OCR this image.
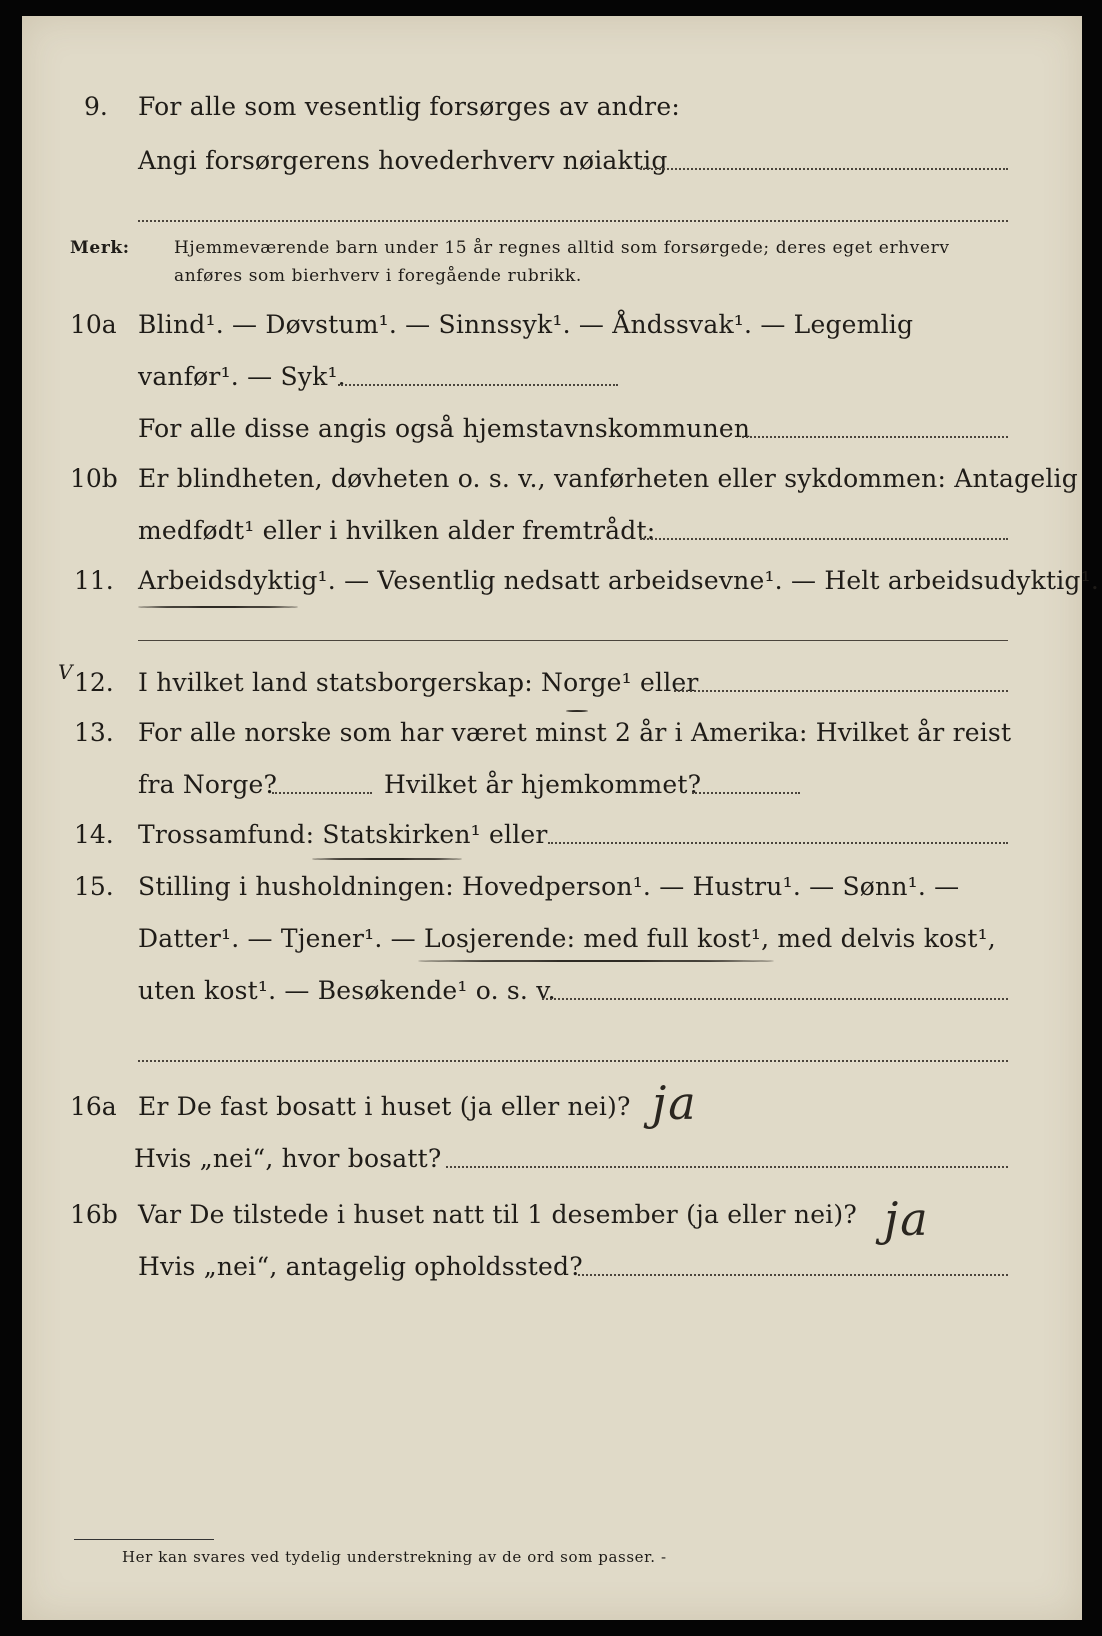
9. For alle som vesentlig forsørges av andre:
Angi forsørgerens hovederhverv nøiaktig
Merk:	Hjemmeværende barn under 15 år regnes alltid som forsørgede; deres eget erhverv
anføres som bierhverv i foregående rubrikk.
10a Blind¹. — Døvstum¹. — Sinnssyk¹. — Åndssvak¹. — Legemlig
vanfør¹. — Syk¹.
For alle disse angis også hjemstavnskommunen
10b Er blindheten, døvheten o. s. v., vanførheten eller sykdommen: Antagelig
medfødt¹ eller i hvilken alder fremtrådt:
11. Arbeidsdyktig¹. — Vesentlig nedsatt arbeidsevne¹. — Helt arbeidsudyktig¹.
V 12. I hvilket land statsborgerskap: Norge¹ eller
13. For alle norske som har været minst 2 år i Amerika: Hvilket år reist
fra Norge?	Hvilket år hjemkommet?
14. Trossamfund: Statskirken¹ eller
15. Stilling i husholdningen: Hovedperson¹. — Hustru¹. — Sønn¹. —
Datter¹. — Tjener¹. — Losjerende: med full kost¹, med delvis kost¹,
uten kost¹. — Besøkende¹ o. s. v.
16a Er De fast bosatt i huset (ja eller nei)? ja
Hvis „nei“, hvor bosatt?
16b Var De tilstede i huset natt til 1 desember (ja eller nei)? ja
Hvis „nei“, antagelig opholdssted?
Her kan svares ved tydelig understrekning av de ord som passer. -
